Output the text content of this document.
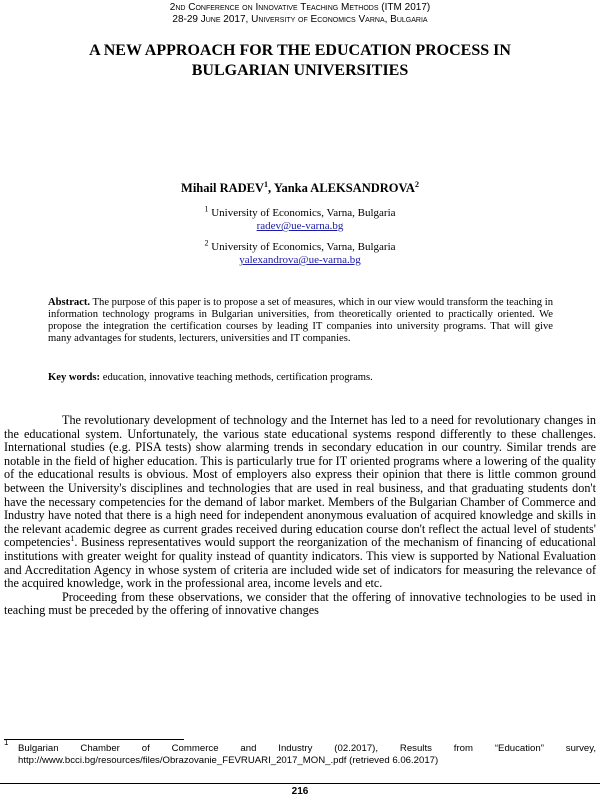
2nd Conference on Innovative Teaching Methods (ITM 2017)
28-29 June 2017, University of Economics Varna, Bulgaria
A NEW APPROACH FOR THE EDUCATION PROCESS IN
BULGARIAN UNIVERSITIES
Mihail RADEV$^1$, Yanka ALEKSANDROVA$^2$
$^1$ University of Economics, Varna, Bulgaria
radev@ue-varna.bg
$^2$ University of Economics, Varna, Bulgaria
yalexandrova@ue-varna.bg
Abstract. The purpose of this paper is to propose a set of measures, which in our view would transform the teaching in information technology programs in Bulgarian universities, from theoretically oriented to practically oriented. We propose the integration the certification courses by leading IT companies into university programs. That will give many advantages for students, lecturers, universities and IT companies.
Key words: education, innovative teaching methods, certification programs.

The revolutionary development of technology and the Internet has led to a need for revolutionary changes in the educational system. Unfortunately, the various state educational systems respond differently to these challenges. International studies (e.g. PISA tests) show alarming trends in secondary education in our country. Similar trends are notable in the field of higher education. This is particularly true for IT oriented programs where a lowering of the quality of the educational results is obvious. Most of employers also express their opinion that there is little common ground between the University's disciplines and technologies that are used in real business, and that graduating students don't have the necessary competencies for the demand of labor market. Members of the Bulgarian Chamber of Commerce and Industry have noted that there is a high need for independent anonymous evaluation of acquired knowledge and skills in the relevant academic degree as current grades received during education course don't reflect the actual level of students' competencies$^1$. Business representatives would support the reorganization of the mechanism of financing of educational institutions with greater weight for quality instead of quantity indicators. This view is supported by National Evaluation and Accreditation Agency in whose system of criteria are included wide set of indicators for measuring the relevance of the acquired knowledge, work in the professional area, income levels and etc.

Proceeding from these observations, we consider that the offering of innovative technologies to be used in teaching must be preceded by the offering of innovative changes

1
Bulgarian Chamber of Commerce and Industry (02.2017), Results from “Education” survey, http://www.bcci.bg/resources/files/Obrazovanie_FEVRUARI_2017_MON_.pdf (retrieved 6.06.2017)
216
